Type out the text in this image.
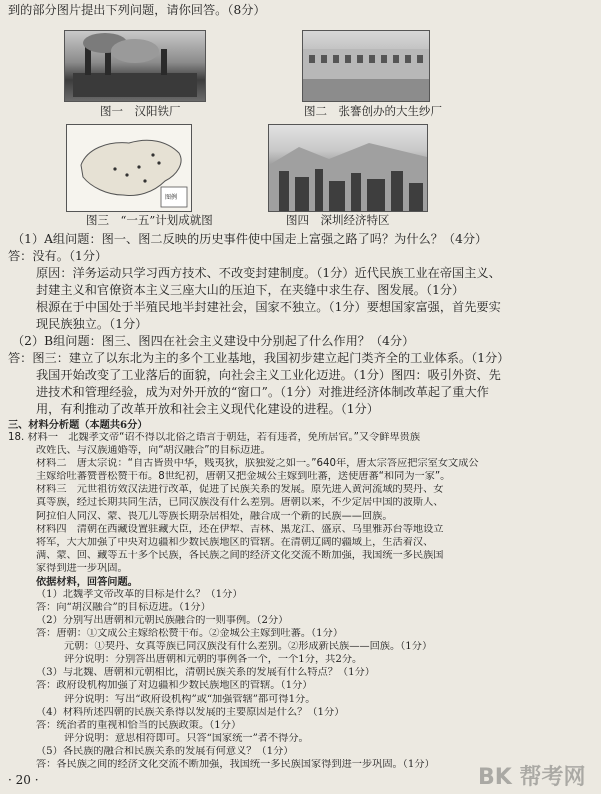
到的部分图片提出下列问题，请你回答。（8分）
图一　汉阳铁厂	图二　张謇创办的大生纱厂
图例
图三　“一五”计划成就图	图四　深圳经济特区
（1）A组问题：图一、图二反映的历史事件使中国走上富强之路了吗？为什么？（4分）
答：没有。（1分）
原因：洋务运动只学习西方技术、不改变封建制度。（1分）近代民族工业在帝国主义、
封建主义和官僚资本主义三座大山的压迫下，在夹缝中求生存、图发展。（1分）
根源在于中国处于半殖民地半封建社会，国家不独立。（1分）要想国家富强，首先要实
现民族独立。（1分）
（2）B组问题：图三、图四在社会主义建设中分别起了什么作用？（4分）
答：图三：建立了以东北为主的多个工业基地，我国初步建立起门类齐全的工业体系。（1分）
我国开始改变了工业落后的面貌，向社会主义工业化迈进。（1分）图四：吸引外资、先
进技术和管理经验，成为对外开放的“窗口”。（1分）对推进经济体制改革起了重大作
用，有利推动了改革开放和社会主义现代化建设的进程。（1分）
三、材料分析题（本题共6分）
18. 材料一　北魏孝文帝“诏不得以北俗之语言于朝廷，若有违者，免所居官。”又令鲜卑贵族
改姓氏、与汉族通婚等，向“胡汉融合”的目标迈进。
材料二　唐太宗说：“自古皆贵中华，贱夷狄，朕独爱之如一。”640年，唐太宗答应把宗室女文成公
主嫁给吐蕃赞普松赞干布。8世纪初，唐朝又把金城公主嫁到吐蕃，送使唐蕃“和同为一家”。
材料三　元世祖彷效汉法进行改革，促进了民族关系的发展。原先进入黄河流域的契丹、女
真等族，经过长期共同生活，已同汉族没有什么差别。唐朝以来，不少定居中国的波斯人、
阿拉伯人同汉、蒙、畏兀儿等族长期杂居相处，融合成一个新的民族——回族。
材料四　清朝在西藏设置驻藏大臣，还在伊犁、吉林、黑龙江、盛京、乌里雅苏台等地设立
将军，大大加强了中央对边疆和少数民族地区的管辖。在清朝辽阔的疆域上，生活着汉、
满、蒙、回、藏等五十多个民族，各民族之间的经济文化交流不断加强，我国统一多民族国
家得到进一步巩固。
依据材料，回答问题。
（1）北魏孝文帝改革的目标是什么？（1分）
答：向“胡汉融合”的目标迈进。（1分）
（2）分别写出唐朝和元朝民族融合的一则事例。（2分）
答：唐朝：①文成公主嫁给松赞干布。②金城公主嫁到吐蕃。（1分）
元朝：①契丹、女真等族已同汉族没有什么差别。②形成新民族——回族。（1分）
评分说明：分别答出唐朝和元朝的事例各一个，一个1分，共2分。
（3）与北魏、唐朝和元朝相比，清朝民族关系的发展有什么特点？（1分）
答：政府设机构加强了对边疆和少数民族地区的管辖。（1分）
评分说明：写出“政府设机构”或“加强管辖”都可得1分。
（4）材料所述四朝的民族关系得以发展的主要原因是什么？（1分）
答：统治者的重视和恰当的民族政策。（1分）
评分说明：意思相符即可。只答“国家统一”者不得分。
（5）各民族的融合和民族关系的发展有何意义？（1分）
答：各民族之间的经济文化交流不断加强，我国统一多民族国家得到进一步巩固。（1分）
· 20 ·	BK 帮考网
